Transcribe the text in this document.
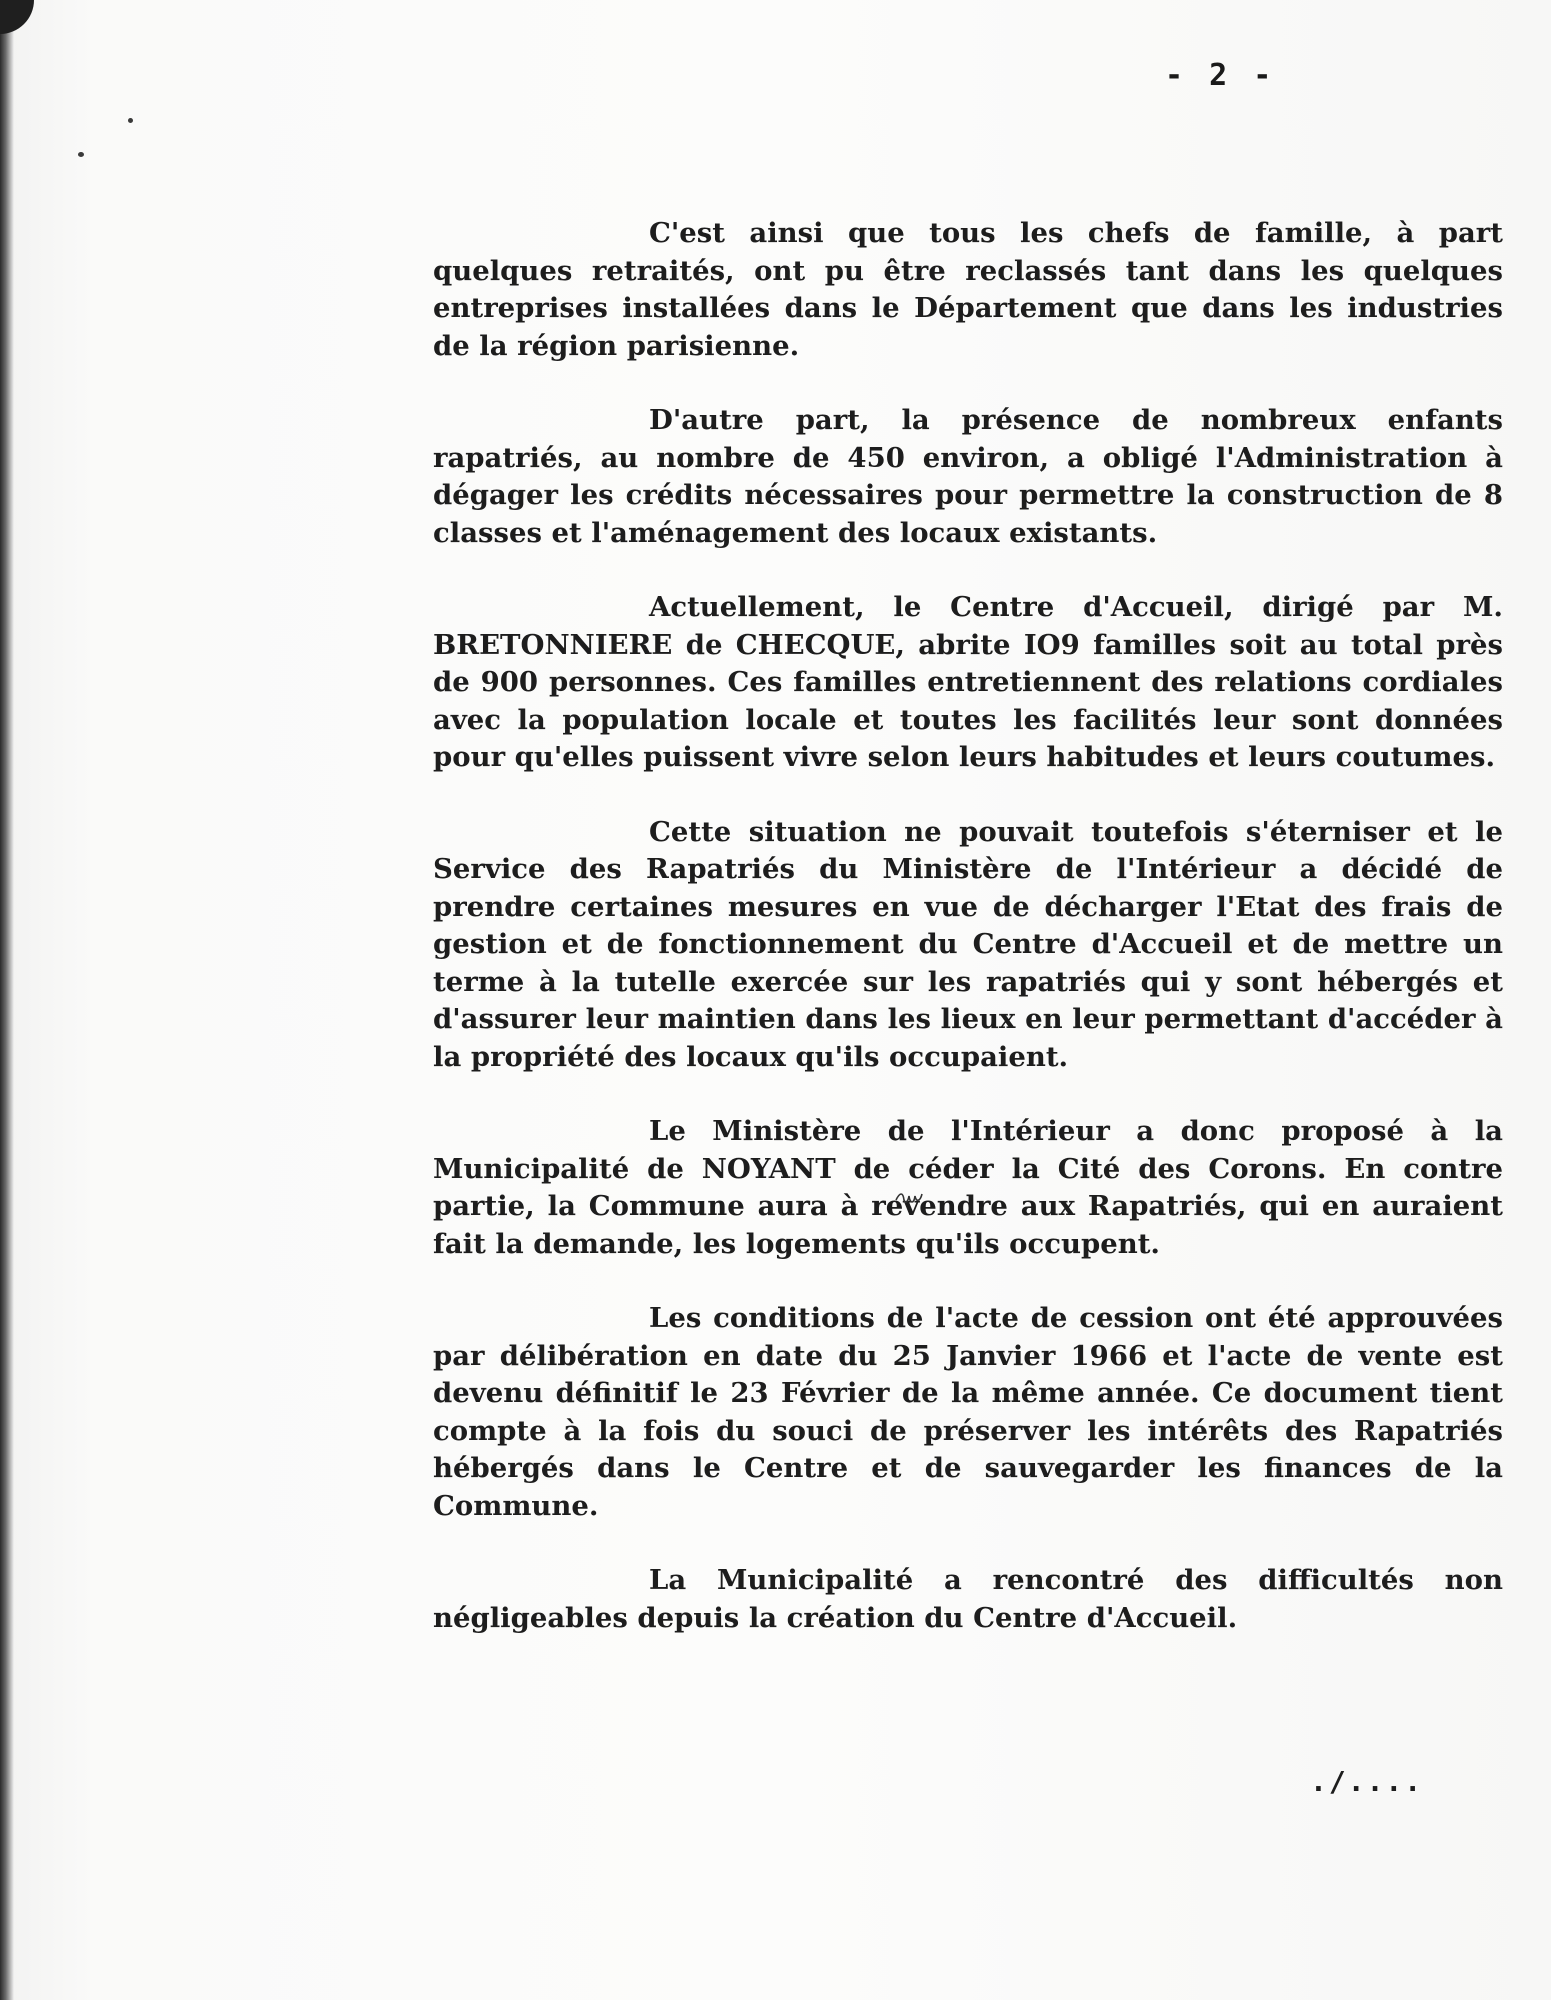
- 2 -

C'est ainsi que tous les chefs de famille, à part quelques retraités, ont pu être reclassés tant dans les quelques entreprises installées dans le Département que dans les industries de la région parisienne.

D'autre part, la présence de nombreux enfants rapatriés, au nombre de 450 environ, a obligé l'Administration à dégager les crédits nécessaires pour permettre la construction de 8 classes et l'aménagement des locaux existants.

Actuellement, le Centre d'Accueil, dirigé par M. BRETONNIERE de CHECQUE, abrite IO9 familles soit au total près de 900 personnes. Ces familles entretiennent des relations cordiales avec la population locale et toutes les facilités leur sont données pour qu'elles puissent vivre selon leurs habitudes et leurs coutumes.

Cette situation ne pouvait toutefois s'éterniser et le Service des Rapatriés du Ministère de l'Intérieur a décidé de prendre certaines mesures en vue de décharger l'Etat des frais de gestion et de fonctionnement du Centre d'Accueil et de mettre un terme à la tutelle exercée sur les rapatriés qui y sont hébergés et d'assurer leur maintien dans les lieux en leur permettant d'accéder à la propriété des locaux qu'ils occupaient.

Le Ministère de l'Intérieur a donc proposé à la Municipalité de NOYANT de céder la Cité des Corons. En contre partie, la Commune aura à revendre aux Rapatriés, qui en auraient fait la demande, les logements qu'ils occupent.

Les conditions de l'acte de cession ont été approuvées par délibération en date du 25 Janvier 1966 et l'acte de vente est devenu définitif le 23 Février de la même année. Ce document tient compte à la fois du souci de préserver les intérêts des Rapatriés hébergés dans le Centre et de sauvegarder les finances de la Commune.

La Municipalité a rencontré des difficultés non négligeables depuis la création du Centre d'Accueil.

./....
